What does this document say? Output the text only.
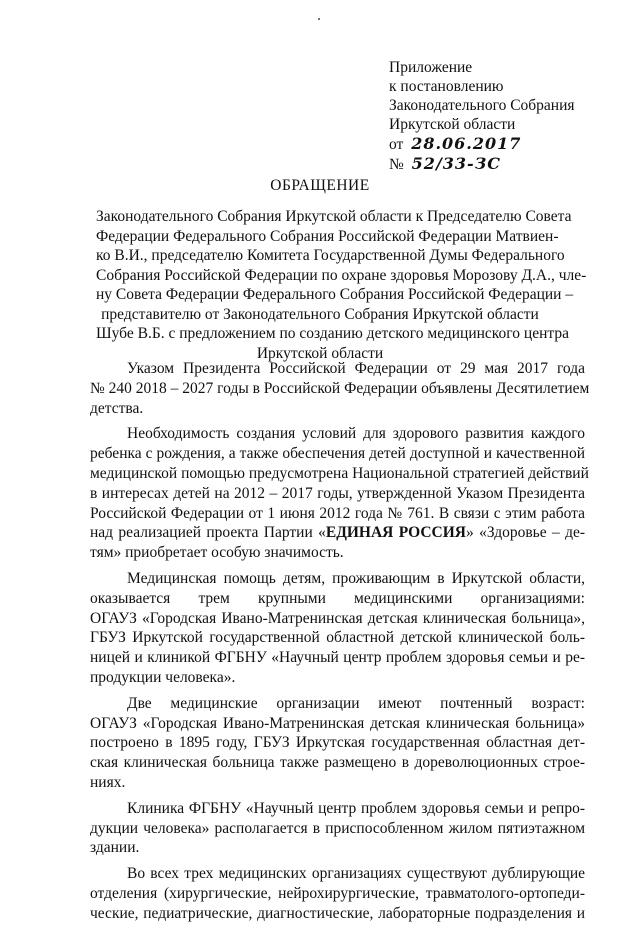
Приложение
к постановлению
Законодательного Собрания
Иркутской области
от 28.06.2017
№ 52/33-ЗС
ОБРАЩЕНИЕ
Законодательного Собрания Иркутской области к Председателю Совета
Федерации Федерального Собрания Российской Федерации Матвиен-
ко В.И., председателю Комитета Государственной Думы Федерального
Собрания Российской Федерации по охране здоровья Морозову Д.А., чле-
ну Совета Федерации Федерального Собрания Российской Федерации –
представителю от Законодательного Собрания Иркутской области
Шубе В.Б. с предложением по созданию детского медицинского центра
Иркутской области

Указом Президента Российской Федерации от 29 мая 2017 года
№ 240 2018 – 2027 годы в Российской Федерации объявлены Десятилетием
детства.

Необходимость создания условий для здорового развития каждого
ребенка с рождения, а также обеспечения детей доступной и качественной
медицинской помощью предусмотрена Национальной стратегией действий
в интересах детей на 2012 – 2017 годы, утвержденной Указом Президента
Российской Федерации от 1 июня 2012 года № 761. В связи с этим работа
над реализацией проекта Партии «ЕДИНАЯ РОССИЯ» «Здоровье – де-
тям» приобретает особую значимость.

Медицинская помощь детям, проживающим в Иркутской области,
оказывается трем крупными медицинскими организациями:
ОГАУЗ «Городская Ивано-Матренинская детская клиническая больница»,
ГБУЗ Иркутской государственной областной детской клинической боль-
ницей и клиникой ФГБНУ «Научный центр проблем здоровья семьи и ре-
продукции человека».

Две медицинские организации имеют почтенный возраст:
ОГАУЗ «Городская Ивано-Матренинская детская клиническая больница»
построено в 1895 году, ГБУЗ Иркутская государственная областная дет-
ская клиническая больница также размещено в дореволюционных строе-
ниях.

Клиника ФГБНУ «Научный центр проблем здоровья семьи и репро-
дукции человека» располагается в приспособленном жилом пятиэтажном
здании.

Во всех трех медицинских организациях существуют дублирующие
отделения (хирургические, нейрохирургические, травматолого-ортопеди-
ческие, педиатрические, диагностические, лабораторные подразделения и
